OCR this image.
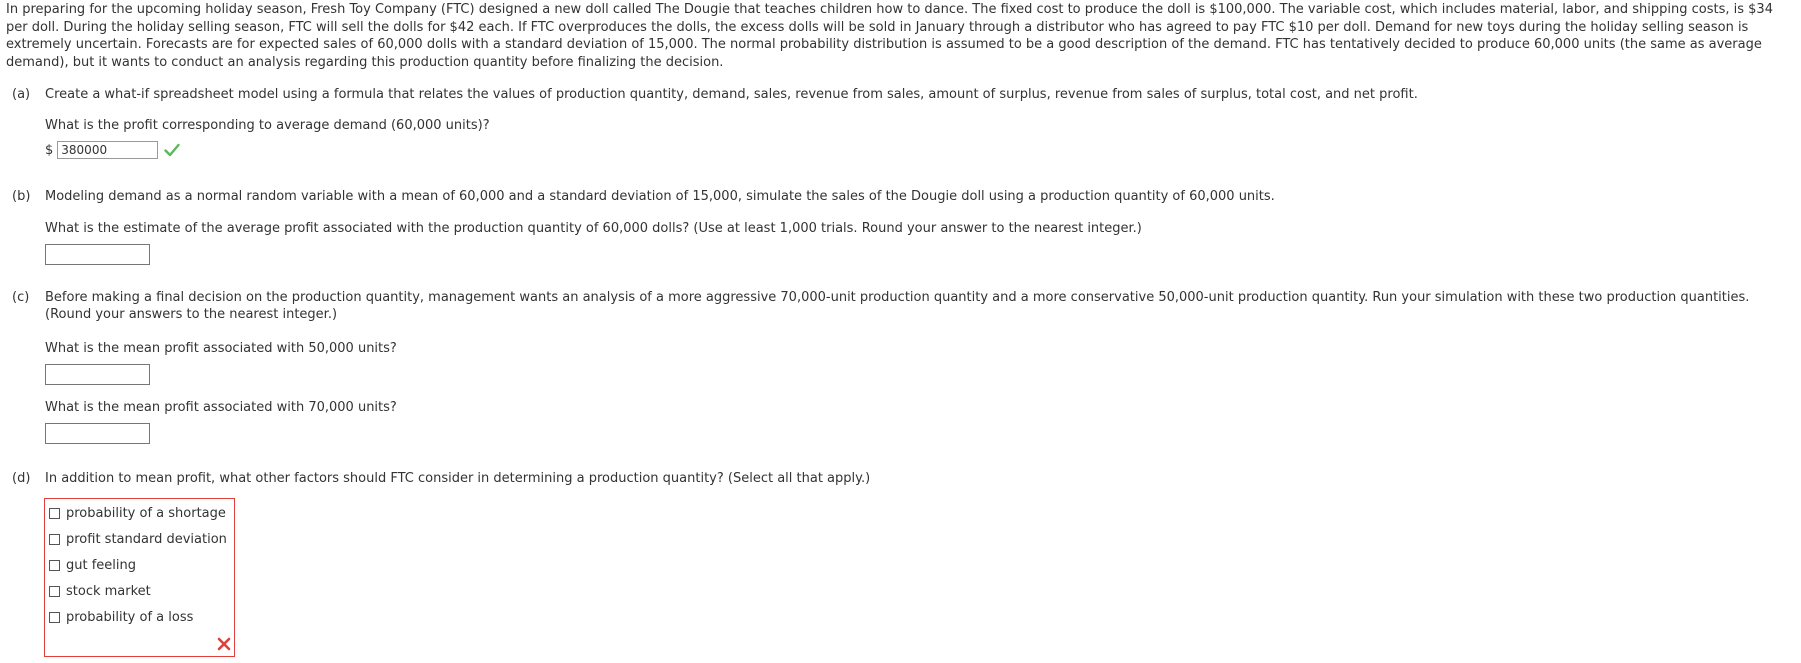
In preparing for the upcoming holiday season, Fresh Toy Company (FTC) designed a new doll called The Dougie that teaches children how to dance. The fixed cost to produce the doll is $100,000. The variable cost, which includes material, labor, and shipping costs, is $34 per doll. During the holiday selling season, FTC will sell the dolls for $42 each. If FTC overproduces the dolls, the excess dolls will be sold in January through a distributor who has agreed to pay FTC $10 per doll. Demand for new toys during the holiday selling season is extremely uncertain. Forecasts are for expected sales of 60,000 dolls with a standard deviation of 15,000. The normal probability distribution is assumed to be a good description of the demand. FTC has tentatively decided to produce 60,000 units (the same as average demand), but it wants to conduct an analysis regarding this production quantity before finalizing the decision.
(a) Create a what-if spreadsheet model using a formula that relates the values of production quantity, demand, sales, revenue from sales, amount of surplus, revenue from sales of surplus, total cost, and net profit.
What is the profit corresponding to average demand (60,000 units)?
$
380000
(b) Modeling demand as a normal random variable with a mean of 60,000 and a standard deviation of 15,000, simulate the sales of the Dougie doll using a production quantity of 60,000 units.
What is the estimate of the average profit associated with the production quantity of 60,000 dolls? (Use at least 1,000 trials. Round your answer to the nearest integer.)
(c) Before making a final decision on the production quantity, management wants an analysis of a more aggressive 70,000-unit production quantity and a more conservative 50,000-unit production quantity. Run your simulation with these two production quantities. (Round your answers to the nearest integer.)
What is the mean profit associated with 50,000 units?
What is the mean profit associated with 70,000 units?
(d) In addition to mean profit, what other factors should FTC consider in determining a production quantity? (Select all that apply.)
probability of a shortage
profit standard deviation
gut feeling
stock market
probability of a loss
